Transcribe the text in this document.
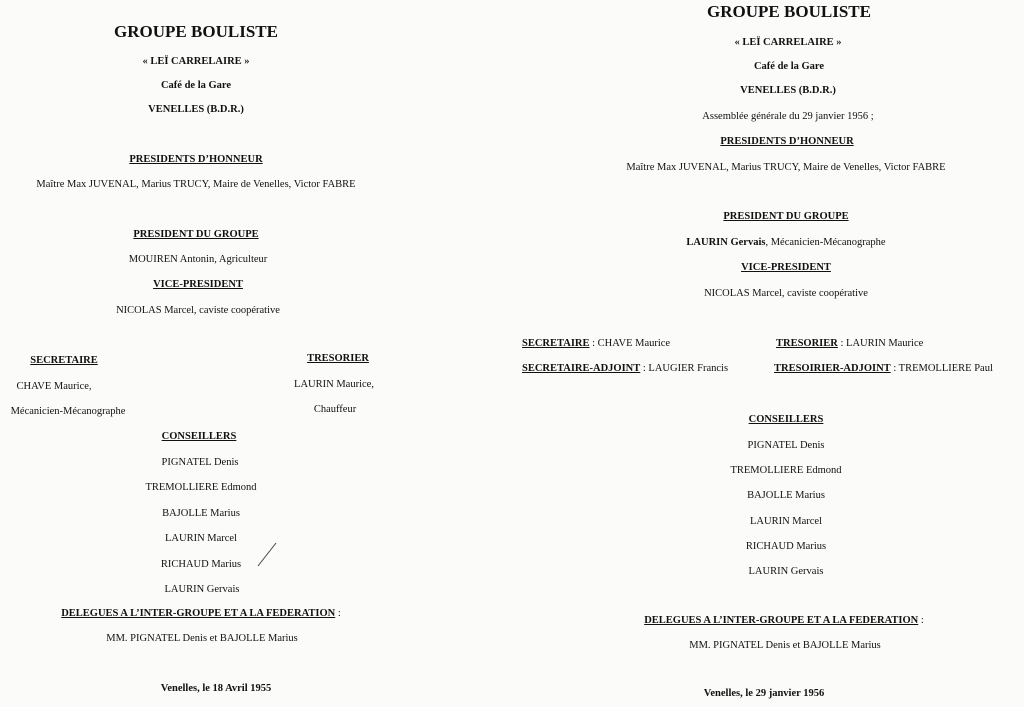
GROUPE BOULISTE
« LEÏ CARRELAIRE »
Café de la Gare
VENELLES (B.D.R.)
PRESIDENTS D’HONNEUR
Maître Max JUVENAL, Marius TRUCY, Maire de Venelles, Victor FABRE
PRESIDENT DU GROUPE
MOUIREN Antonin, Agriculteur
VICE-PRESIDENT
NICOLAS Marcel, caviste coopérative
SECRETAIRE
CHAVE Maurice,
Mécanicien-Mécanographe
TRESORIER
LAURIN Maurice,
Chauffeur
CONSEILLERS
PIGNATEL Denis
TREMOLLIERE Edmond
BAJOLLE Marius
LAURIN Marcel
RICHAUD Marius
LAURIN Gervais
DELEGUES A L’INTER-GROUPE ET A LA FEDERATION :
MM. PIGNATEL Denis et BAJOLLE Marius
Venelles, le 18 Avril 1955
GROUPE BOULISTE
« LEÏ CARRELAIRE »
Café de la Gare
VENELLES (B.D.R.)
Assemblée générale du 29 janvier 1956 ;
PRESIDENTS D’HONNEUR
Maître Max JUVENAL, Marius TRUCY, Maire de Venelles, Victor FABRE
PRESIDENT DU GROUPE
LAURIN Gervais, Mécanicien-Mécanographe
VICE-PRESIDENT
NICOLAS Marcel, caviste coopérative
SECRETAIRE : CHAVE Maurice	TRESORIER : LAURIN Maurice
SECRETAIRE-ADJOINT : LAUGIER Francis	TRESOIRIER-ADJOINT : TREMOLLIERE Paul
CONSEILLERS
PIGNATEL Denis
TREMOLLIERE Edmond
BAJOLLE Marius
LAURIN Marcel
RICHAUD Marius
LAURIN Gervais
DELEGUES A L’INTER-GROUPE ET A LA FEDERATION :
MM. PIGNATEL Denis et BAJOLLE Marius
Venelles, le 29 janvier 1956
